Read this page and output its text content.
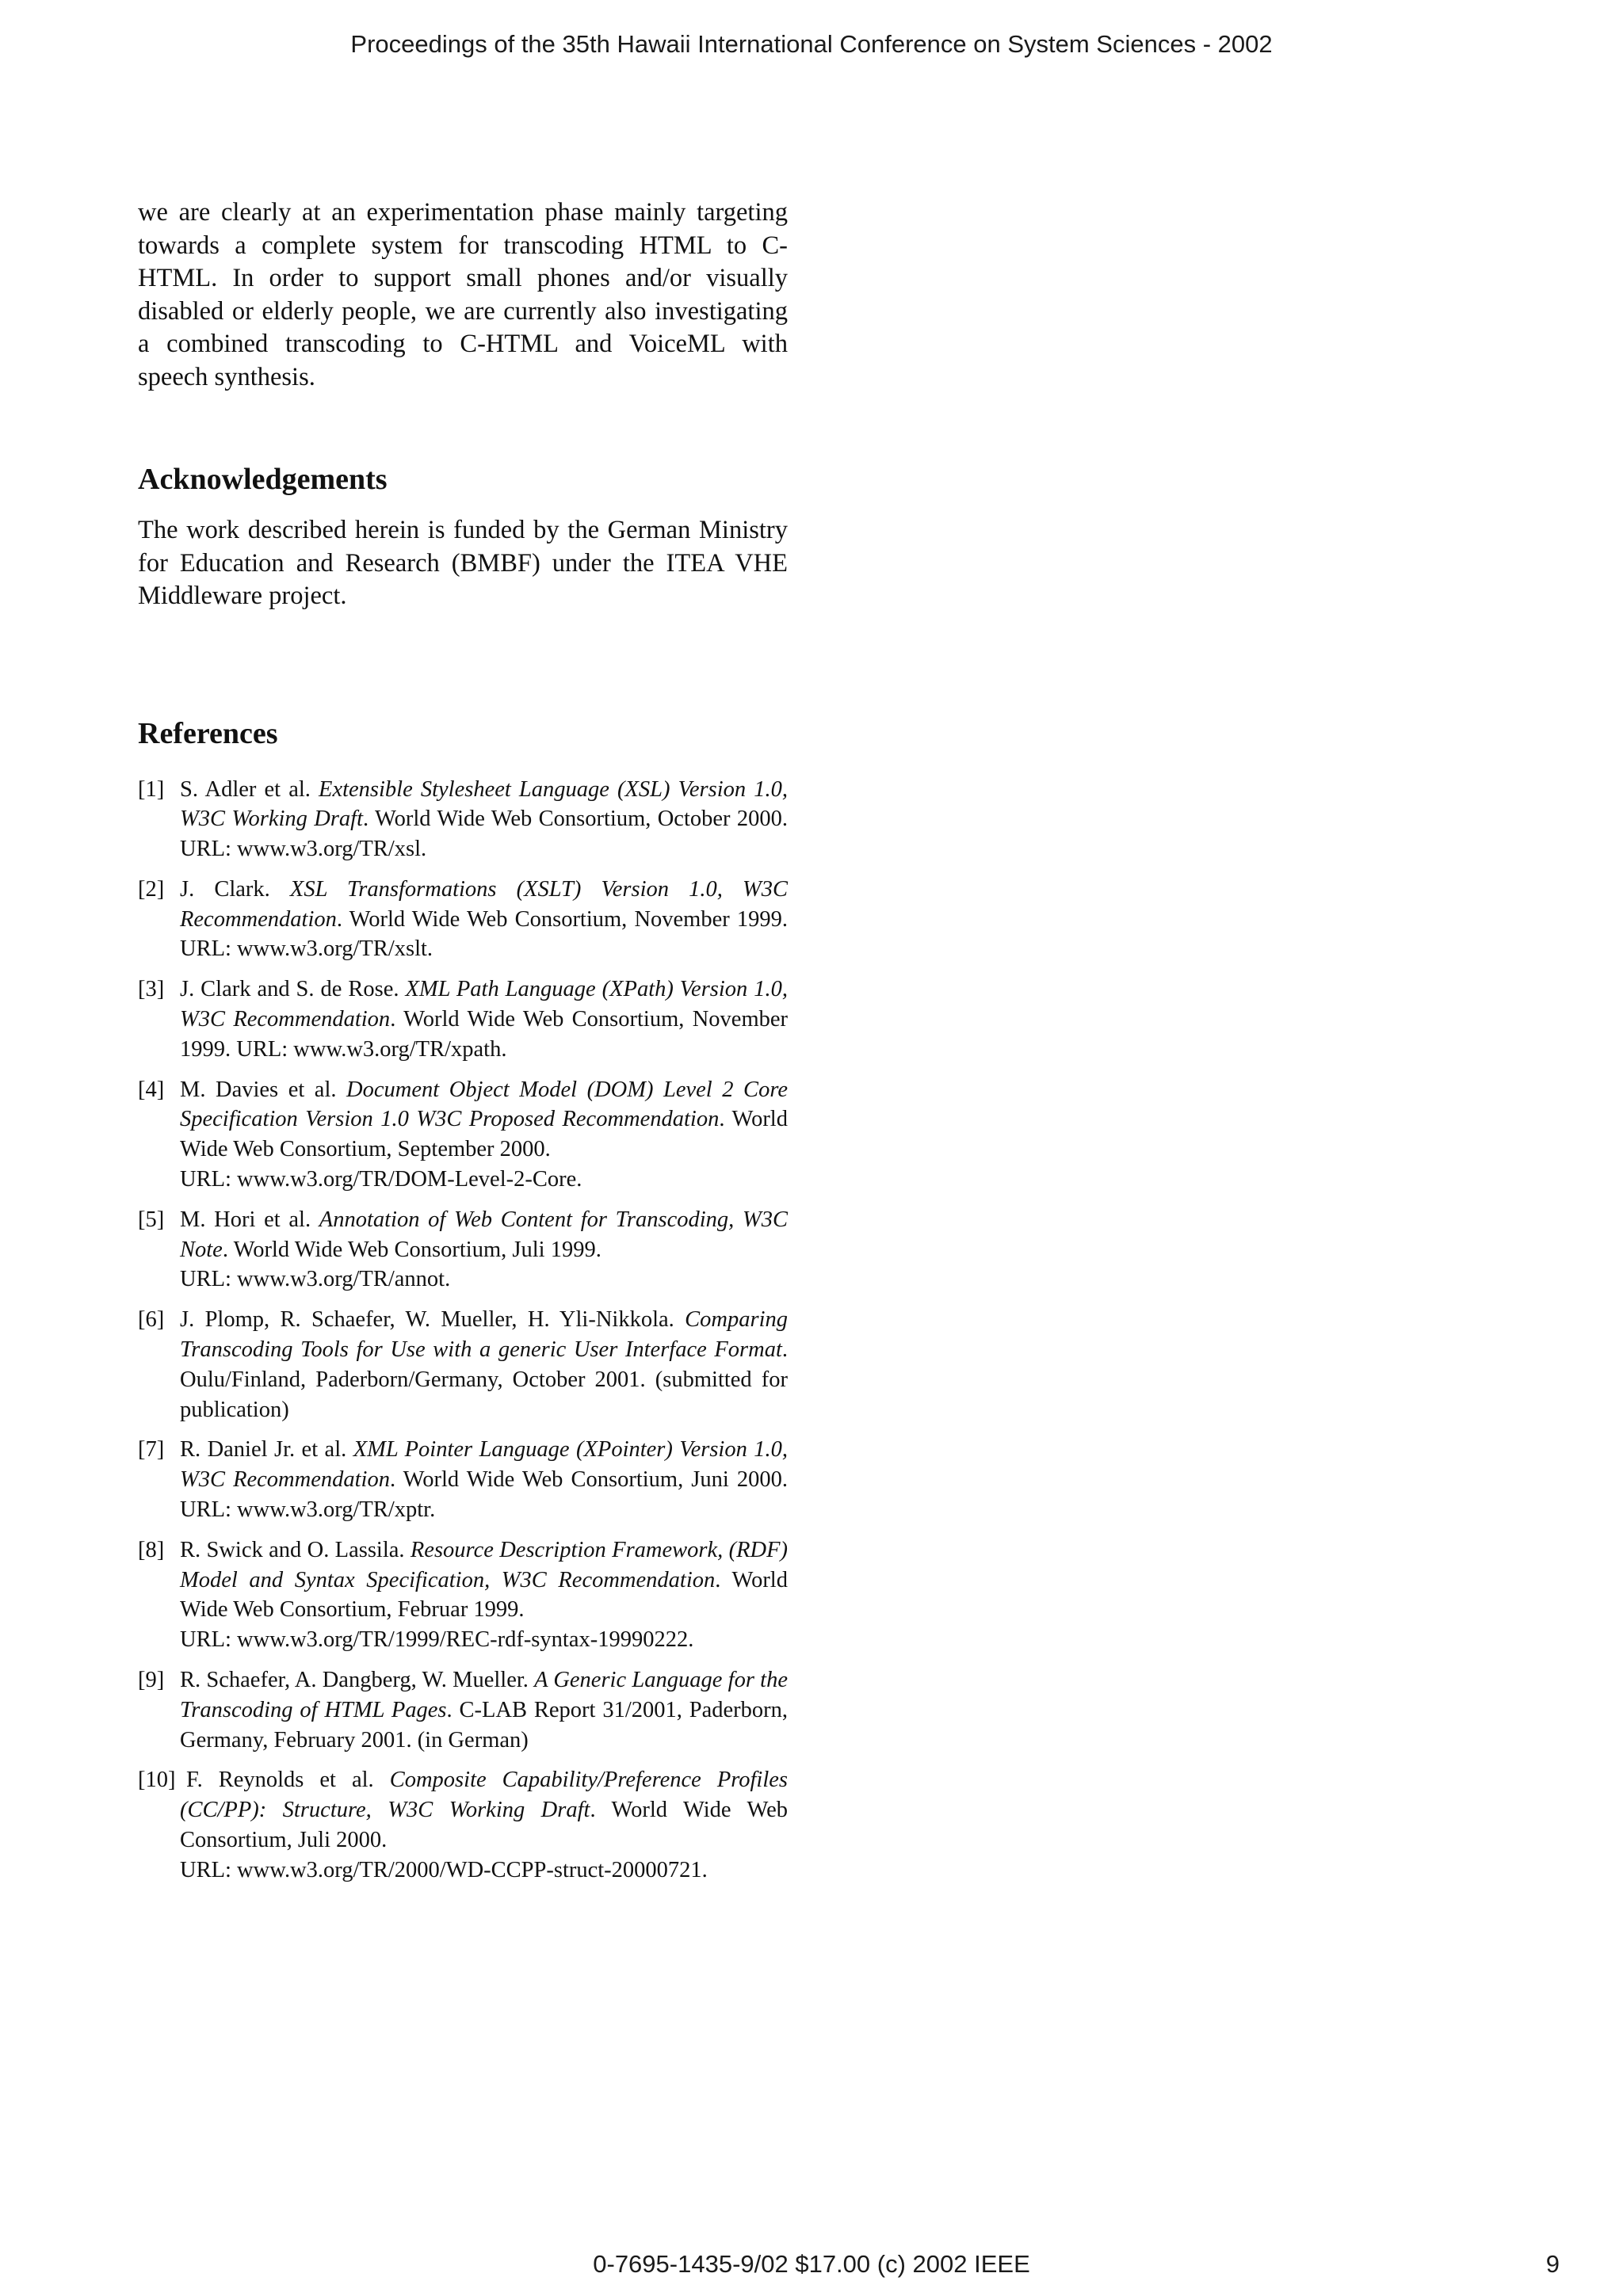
Proceedings of the 35th Hawaii International Conference on System Sciences - 2002

we are clearly at an experimentation phase mainly targeting towards a complete system for transcoding HTML to C-HTML. In order to support small phones and/or visually disabled or elderly people, we are currently also investigating a combined transcoding to C-HTML and VoiceML with speech synthesis.

Acknowledgements

The work described herein is funded by the German Ministry for Education and Research (BMBF) under the ITEA VHE Middleware project.

References
[1] S. Adler et al. Extensible Stylesheet Language (XSL) Version 1.0, W3C Working Draft. World Wide Web Consortium, October 2000. URL: www.w3.org/TR/xsl.
[2] J. Clark. XSL Transformations (XSLT) Version 1.0, W3C Recommendation. World Wide Web Consortium, November 1999. URL: www.w3.org/TR/xslt.
[3] J. Clark and S. de Rose. XML Path Language (XPath) Version 1.0, W3C Recommendation. World Wide Web Consortium, November 1999. URL: www.w3.org/TR/xpath.
[4] M. Davies et al. Document Object Model (DOM) Level 2 Core Specification Version 1.0 W3C Proposed Recommendation. World Wide Web Consortium, September 2000.
URL: www.w3.org/TR/DOM-Level-2-Core.
[5] M. Hori et al. Annotation of Web Content for Transcoding, W3C Note. World Wide Web Consortium, Juli 1999.
URL: www.w3.org/TR/annot.
[6] J. Plomp, R. Schaefer, W. Mueller, H. Yli-Nikkola. Comparing Transcoding Tools for Use with a generic User Interface Format. Oulu/Finland, Paderborn/Germany, October 2001. (submitted for publication)
[7] R. Daniel Jr. et al. XML Pointer Language (XPointer) Version 1.0, W3C Recommendation. World Wide Web Consortium, Juni 2000. URL: www.w3.org/TR/xptr.
[8] R. Swick and O. Lassila. Resource Description Framework, (RDF) Model and Syntax Specification, W3C Recommendation. World Wide Web Consortium, Februar 1999.
URL: www.w3.org/TR/1999/REC-rdf-syntax-19990222.
[9] R. Schaefer, A. Dangberg, W. Mueller. A Generic Language for the Transcoding of HTML Pages. C-LAB Report 31/2001, Paderborn, Germany, February 2001. (in German)
[10] F. Reynolds et al. Composite Capability/Preference Profiles (CC/PP): Structure, W3C Working Draft. World Wide Web Consortium, Juli 2000.
URL: www.w3.org/TR/2000/WD-CCPP-struct-20000721.
0-7695-1435-9/02 $17.00 (c) 2002 IEEE	9
